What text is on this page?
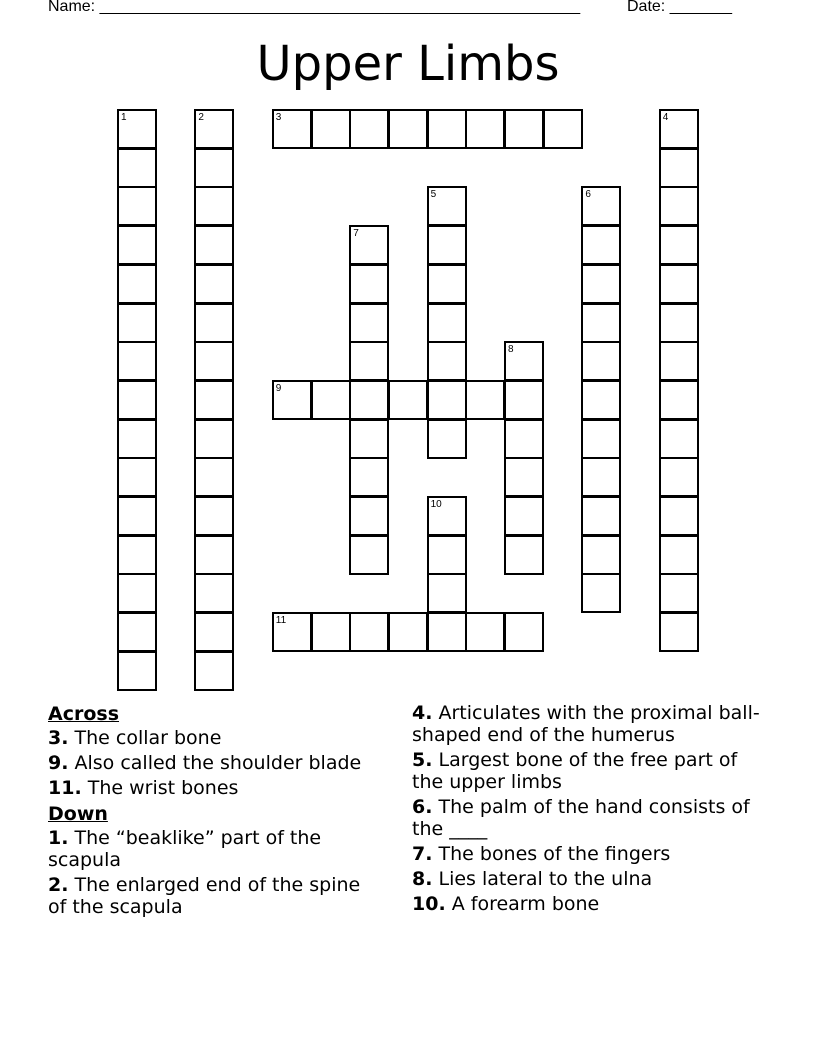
Name: ______________________________________________________	Date: _______
Upper Limbs
1	2	3	4
5	6
7
8
9
10
11
Across
3. The collar bone
9. Also called the shoulder blade
11. The wrist bones
Down
1. The “beaklike” part of the scapula
2. The enlarged end of the spine of the scapula
4. Articulates with the proximal ball-shaped end of the humerus
5. Largest bone of the free part of the upper limbs
6. The palm of the hand consists of the ____
7. The bones of the fingers
8. Lies lateral to the ulna
10. A forearm bone
